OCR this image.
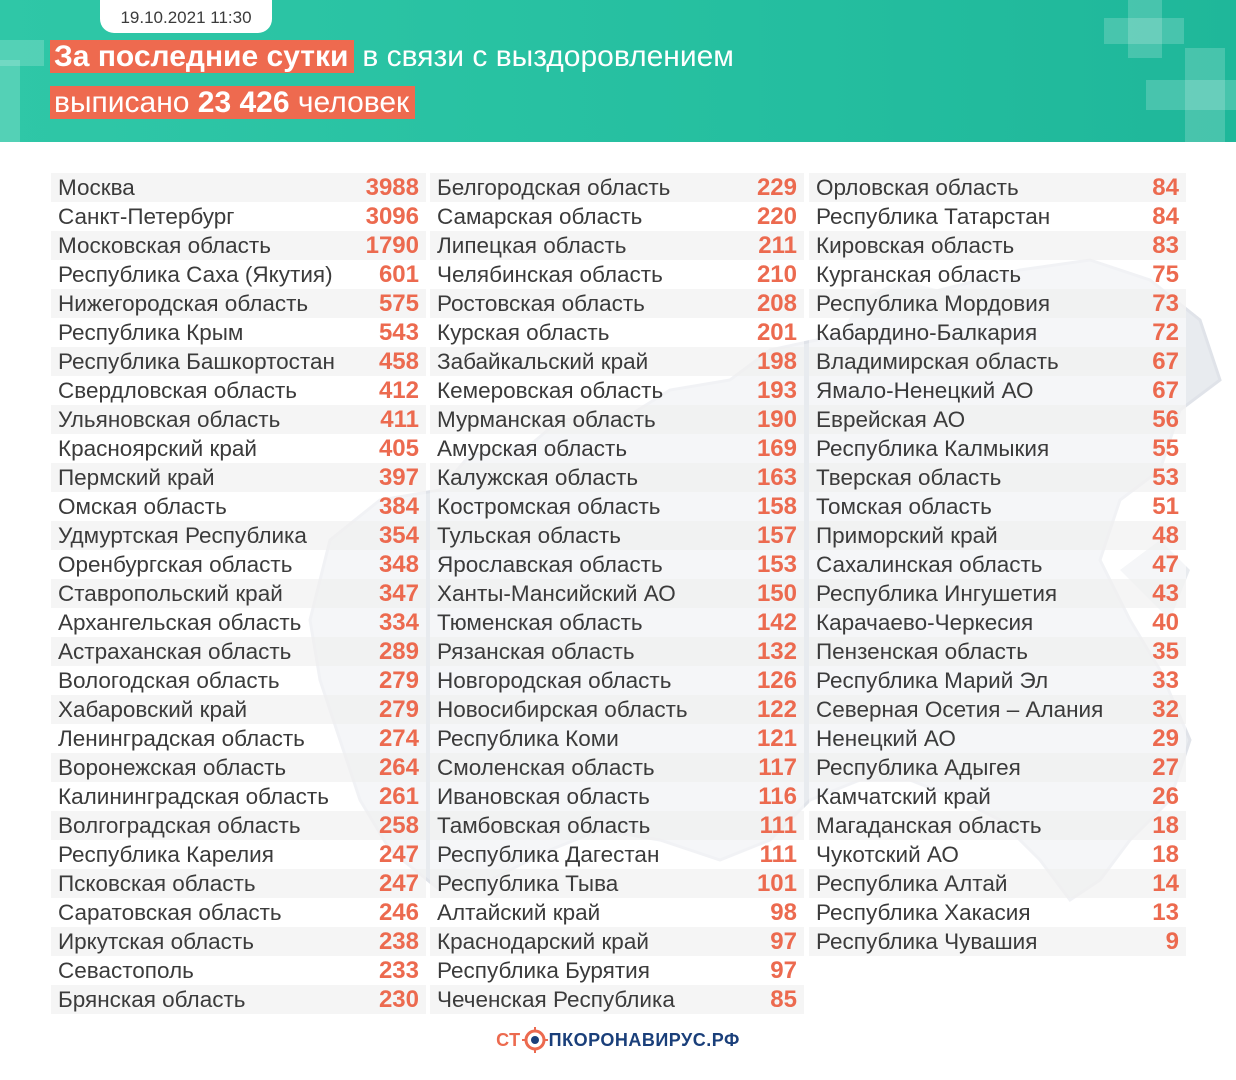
19.10.2021 11:30
За последние сутки в связи с выздоровлением
выписано 23 426 человек
Москва	3988
Санкт-Петербург	3096
Московская область	1790
Республика Саха (Якутия) 601
Нижегородская область	575
Республика Крым	543
Республика Башкортостан 458
Свердловская область	412
Ульяновская область	411
Красноярский край	405
Пермский край	397
Омская область	384
Удмуртская Республика	354
Оренбургская область	348
Ставропольский край	347
Архангельская область	334
Астраханская область	289
Вологодская область	279
Хабаровский край	279
Ленинградская область	274
Воронежская область	264
Калининградская область 261
Волгоградская область	258
Республика Карелия	247
Псковская область	247
Саратовская область	246
Иркутская область	238
Севастополь	233
Брянская область	230
Белгородская область	229
Самарская область	220
Липецкая область	211
Челябинская область	210
Ростовская область	208
Курская область	201
Забайкальский край	198
Кемеровская область	193
Мурманская область	190
Амурская область	169
Калужская область	163
Костромская область	158
Тульская область	157
Ярославская область	153
Ханты-Мансийский АО	150
Тюменская область	142
Рязанская область	132
Новгородская область	126
Новосибирская область	122
Республика Коми	121
Смоленская область	117
Ивановская область	116
Тамбовская область	111
Республика Дагестан	111
Республика Тыва	101
Алтайский край	98
Краснодарский край	97
Республика Бурятия	97
Чеченская Республика	85
Орловская область	84
Республика Татарстан	84
Кировская область	83
Курганская область	75
Республика Мордовия	73
Кабардино-Балкария	72
Владимирская область	67
Ямало-Ненецкий АО	67
Еврейская АО	56
Республика Калмыкия	55
Тверская область	53
Томская область	51
Приморский край	48
Сахалинская область	47
Республика Ингушетия	43
Карачаево-Черкесия	40
Пензенская область	35
Республика Марий Эл	33
Северная Осетия – Алания 32
Ненецкий АО	29
Республика Адыгея	27
Камчатский край	26
Магаданская область	18
Чукотский АО	18
Республика Алтай	14
Республика Хакасия	13
Республика Чувашия	9
СТ ПКОРОНАВИРУС.РФ
